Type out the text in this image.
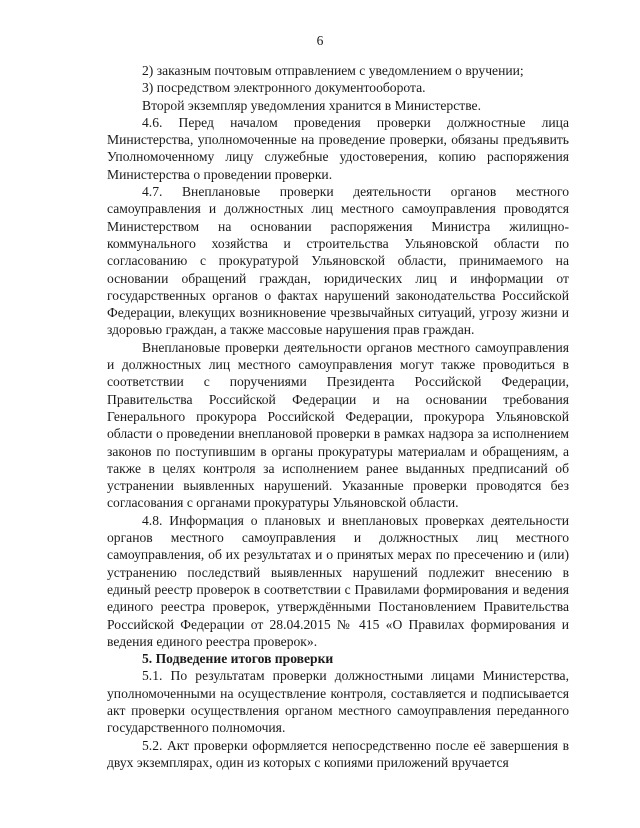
6

2) заказным почтовым отправлением с уведомлением о вручении;

3) посредством электронного документооборота.

Второй экземпляр уведомления хранится в Министерстве.

4.6. Перед началом проведения проверки должностные лица Министерства, уполномоченные на проведение проверки, обязаны предъявить Уполномоченному лицу служебные удостоверения, копию распоряжения Министерства о проведении проверки.

4.7. Внеплановые проверки деятельности органов местного самоуправления и должностных лиц местного самоуправления проводятся Министерством на основании распоряжения Министра жилищно-коммунального хозяйства и строительства Ульяновской области по согласованию с прокуратурой Ульяновской области, принимаемого на основании обращений граждан, юридических лиц и информации от государственных органов о фактах нарушений законодательства Российской Федерации, влекущих возникновение чрезвычайных ситуаций, угрозу жизни и здоровью граждан, а также массовые нарушения прав граждан.

Внеплановые проверки деятельности органов местного самоуправления и должностных лиц местного самоуправления могут также проводиться в соответствии с поручениями Президента Российской Федерации, Правительства Российской Федерации и на основании требования Генерального прокурора Российской Федерации, прокурора Ульяновской области о проведении внеплановой проверки в рамках надзора за исполнением законов по поступившим в органы прокуратуры материалам и обращениям, а также в целях контроля за исполнением ранее выданных предписаний об устранении выявленных нарушений. Указанные проверки проводятся без согласования с органами прокуратуры Ульяновской области.

4.8. Информация о плановых и внеплановых проверках деятельности органов местного самоуправления и должностных лиц местного самоуправления, об их результатах и о принятых мерах по пресечению и (или) устранению последствий выявленных нарушений подлежит внесению в единый реестр проверок в соответствии с Правилами формирования и ведения единого реестра проверок, утверждёнными Постановлением Правительства Российской Федерации от 28.04.2015 № 415 «О Правилах формирования и ведения единого реестра проверок».

5. Подведение итогов проверки

5.1. По результатам проверки должностными лицами Министерства, уполномоченными на осуществление контроля, составляется и подписывается акт проверки осуществления органом местного самоуправления переданного государственного полномочия.

5.2. Акт проверки оформляется непосредственно после её завершения в двух экземплярах, один из которых с копиями приложений вручается
